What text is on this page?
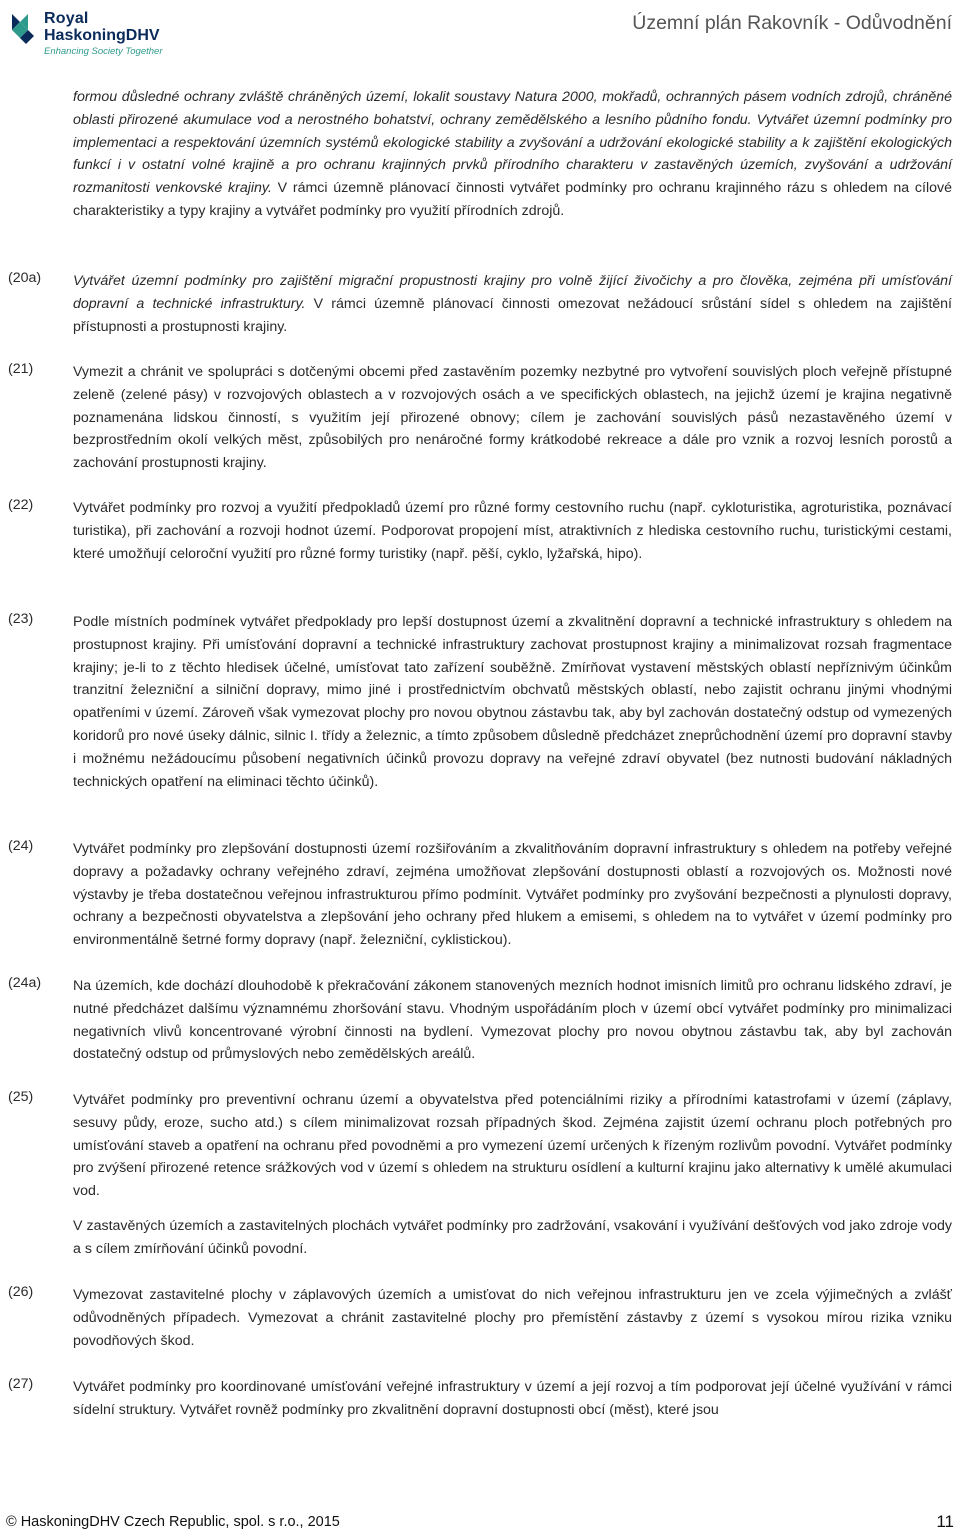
Royal
HaskoningDHV
Enhancing Society Together
Územní plán Rakovník - Odůvodnění

formou důsledné ochrany zvláště chráněných území, lokalit soustavy Natura 2000, mokřadů, ochranných pásem vodních zdrojů, chráněné oblasti přirozené akumulace vod a nerostného bohatství, ochrany zemědělského a lesního půdního fondu. Vytvářet územní podmínky pro implementaci a respektování územních systémů ekologické stability a zvyšování a udržování ekologické stability a k zajištění ekologických funkcí i v ostatní volné krajině a pro ochranu krajinných prvků přírodního charakteru v zastavěných územích, zvyšování a udržování rozmanitosti venkovské krajiny. V rámci územně plánovací činnosti vytvářet podmínky pro ochranu krajinného rázu s ohledem na cílové charakteristiky a typy krajiny a vytvářet podmínky pro využití přírodních zdrojů.

(20a) Vytvářet územní podmínky pro zajištění migrační propustnosti krajiny pro volně žijící živočichy a pro člověka, zejména při umísťování dopravní a technické infrastruktury. V rámci územně plánovací činnosti omezovat nežádoucí srůstání sídel s ohledem na zajištění přístupnosti a prostupnosti krajiny.

(21)	Vymezit a chránit ve spolupráci s dotčenými obcemi před zastavěním pozemky nezbytné pro vytvoření souvislých ploch veřejně přístupné zeleně (zelené pásy) v rozvojových oblastech a v rozvojových osách a ve specifických oblastech, na jejichž území je krajina negativně poznamenána lidskou činností, s využitím její přirozené obnovy; cílem je zachování souvislých pásů nezastavěného území v bezprostředním okolí velkých měst, způsobilých pro nenáročné formy krátkodobé rekreace a dále pro vznik a rozvoj lesních porostů a zachování prostupnosti krajiny.

(22)	Vytvářet podmínky pro rozvoj a využití předpokladů území pro různé formy cestovního ruchu (např. cykloturistika, agroturistika, poznávací turistika), při zachování a rozvoji hodnot území. Podporovat propojení míst, atraktivních z hlediska cestovního ruchu, turistickými cestami, které umožňují celoroční využití pro různé formy turistiky (např. pěší, cyklo, lyžařská, hipo).

(23)	Podle místních podmínek vytvářet předpoklady pro lepší dostupnost území a zkvalitnění dopravní a technické infrastruktury s ohledem na prostupnost krajiny. Při umísťování dopravní a technické infrastruktury zachovat prostupnost krajiny a minimalizovat rozsah fragmentace krajiny; je-li to z těchto hledisek účelné, umísťovat tato zařízení souběžně. Zmírňovat vystavení městských oblastí nepříznivým účinkům tranzitní železniční a silniční dopravy, mimo jiné i prostřednictvím obchvatů městských oblastí, nebo zajistit ochranu jinými vhodnými opatřeními v území. Zároveň však vymezovat plochy pro novou obytnou zástavbu tak, aby byl zachován dostatečný odstup od vymezených koridorů pro nové úseky dálnic, silnic I. třídy a železnic, a tímto způsobem důsledně předcházet zneprůchodnění území pro dopravní stavby i možnému nežádoucímu působení negativních účinků provozu dopravy na veřejné zdraví obyvatel (bez nutnosti budování nákladných technických opatření na eliminaci těchto účinků).

(24)	Vytvářet podmínky pro zlepšování dostupnosti území rozšiřováním a zkvalitňováním dopravní infrastruktury s ohledem na potřeby veřejné dopravy a požadavky ochrany veřejného zdraví, zejména umožňovat zlepšování dostupnosti oblastí a rozvojových os. Možnosti nové výstavby je třeba dostatečnou veřejnou infrastrukturou přímo podmínit. Vytvářet podmínky pro zvyšování bezpečnosti a plynulosti dopravy, ochrany a bezpečnosti obyvatelstva a zlepšování jeho ochrany před hlukem a emisemi, s ohledem na to vytvářet v území podmínky pro environmentálně šetrné formy dopravy (např. železniční, cyklistickou).

(24a) Na územích, kde dochází dlouhodobě k překračování zákonem stanovených mezních hodnot imisních limitů pro ochranu lidského zdraví, je nutné předcházet dalšímu významnému zhoršování stavu. Vhodným uspořádáním ploch v území obcí vytvářet podmínky pro minimalizaci negativních vlivů koncentrované výrobní činnosti na bydlení. Vymezovat plochy pro novou obytnou zástavbu tak, aby byl zachován dostatečný odstup od průmyslových nebo zemědělských areálů.

(25)	Vytvářet podmínky pro preventivní ochranu území a obyvatelstva před potenciálními riziky a přírodními katastrofami v území (záplavy, sesuvy půdy, eroze, sucho atd.) s cílem minimalizovat rozsah případných škod. Zejména zajistit území ochranu ploch potřebných pro umísťování staveb a opatření na ochranu před povodněmi a pro vymezení území určených k řízeným rozlivům povodní. Vytvářet podmínky pro zvýšení přirozené retence srážkových vod v území s ohledem na strukturu osídlení a kulturní krajinu jako alternativy k umělé akumulaci vod.

V zastavěných územích a zastavitelných plochách vytvářet podmínky pro zadržování, vsakování i využívání dešťových vod jako zdroje vody a s cílem zmírňování účinků povodní.

(26)	Vymezovat zastavitelné plochy v záplavových územích a umisťovat do nich veřejnou infrastrukturu jen ve zcela výjimečných a zvlášť odůvodněných případech. Vymezovat a chránit zastavitelné plochy pro přemístění zástavby z území s vysokou mírou rizika vzniku povodňových škod.

(27)	Vytvářet podmínky pro koordinované umísťování veřejné infrastruktury v území a její rozvoj a tím podporovat její účelné využívání v rámci sídelní struktury. Vytvářet rovněž podmínky pro zkvalitnění dopravní dostupnosti obcí (měst), které jsou

© HaskoningDHV Czech Republic, spol. s r.o., 2015	11
